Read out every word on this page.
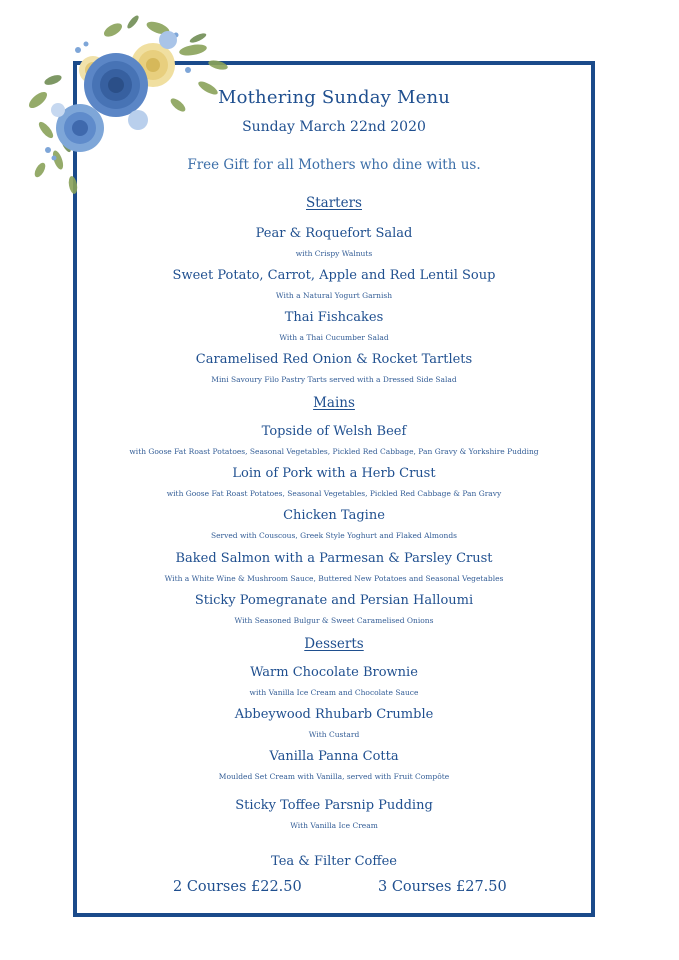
Mothering Sunday Menu
Sunday March 22nd 2020
Free Gift for all Mothers who dine with us.
Starters
Pear & Roquefort Salad
with Crispy Walnuts
Sweet Potato, Carrot, Apple and Red Lentil Soup
With a Natural Yogurt Garnish
Thai Fishcakes
With a Thai Cucumber Salad
Caramelised Red Onion & Rocket Tartlets
Mini Savoury Filo Pastry Tarts served with a Dressed Side Salad
Mains
Topside of Welsh Beef
with Goose Fat Roast Potatoes, Seasonal Vegetables, Pickled Red Cabbage, Pan Gravy & Yorkshire Pudding
Loin of Pork with a Herb Crust
with Goose Fat Roast Potatoes, Seasonal Vegetables, Pickled Red Cabbage & Pan Gravy
Chicken Tagine
Served with Couscous, Greek Style Yoghurt and Flaked Almonds
Baked Salmon with a Parmesan & Parsley Crust
With a White Wine & Mushroom Sauce, Buttered New Potatoes and Seasonal Vegetables
Sticky Pomegranate and Persian Halloumi
With Seasoned Bulgur & Sweet Caramelised Onions
Desserts
Warm Chocolate Brownie
with Vanilla Ice Cream and Chocolate Sauce
Abbeywood Rhubarb Crumble
With Custard
Vanilla Panna Cotta
Moulded Set Cream with Vanilla, served with Fruit Compôte
Sticky Toffee Parsnip Pudding
With Vanilla Ice Cream
Tea & Filter Coffee
2 Courses £22.50	3 Courses £27.50
